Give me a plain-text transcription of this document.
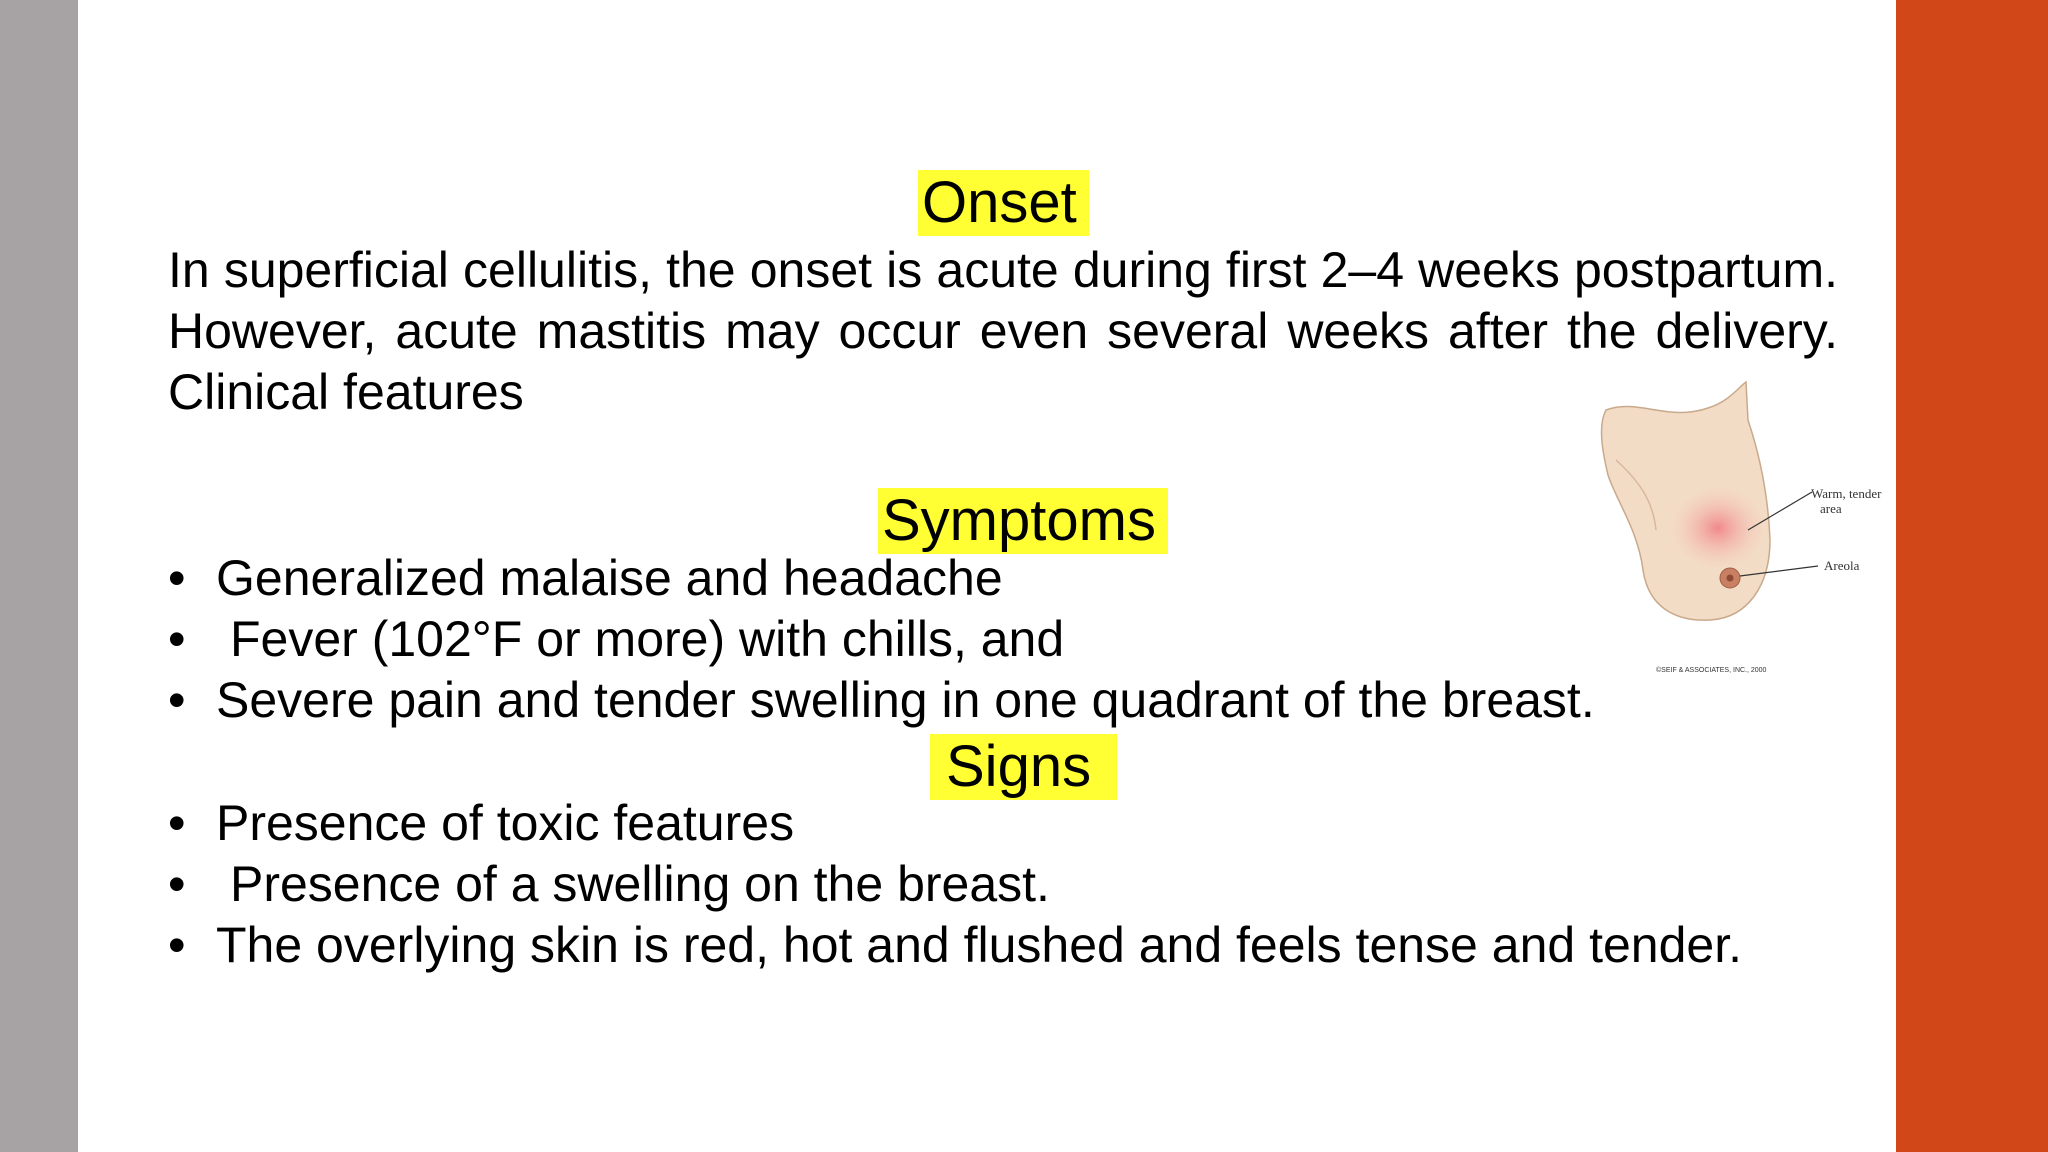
Onset

In superficial cellulitis, the onset is acute during first 2–4 weeks postpartum. However, acute mastitis may occur even several weeks after the delivery. Clinical features

Symptoms
• Generalized malaise and headache
• Fever (102°F or more) with chills, and
• Severe pain and tender swelling in one quadrant of the breast.
Signs
• Presence of toxic features
• Presence of a swelling on the breast.
• The overlying skin is red, hot and flushed and feels tense and tender.
Warm, tender
area
Areola
©SEIF & ASSOCIATES, INC., 2000
